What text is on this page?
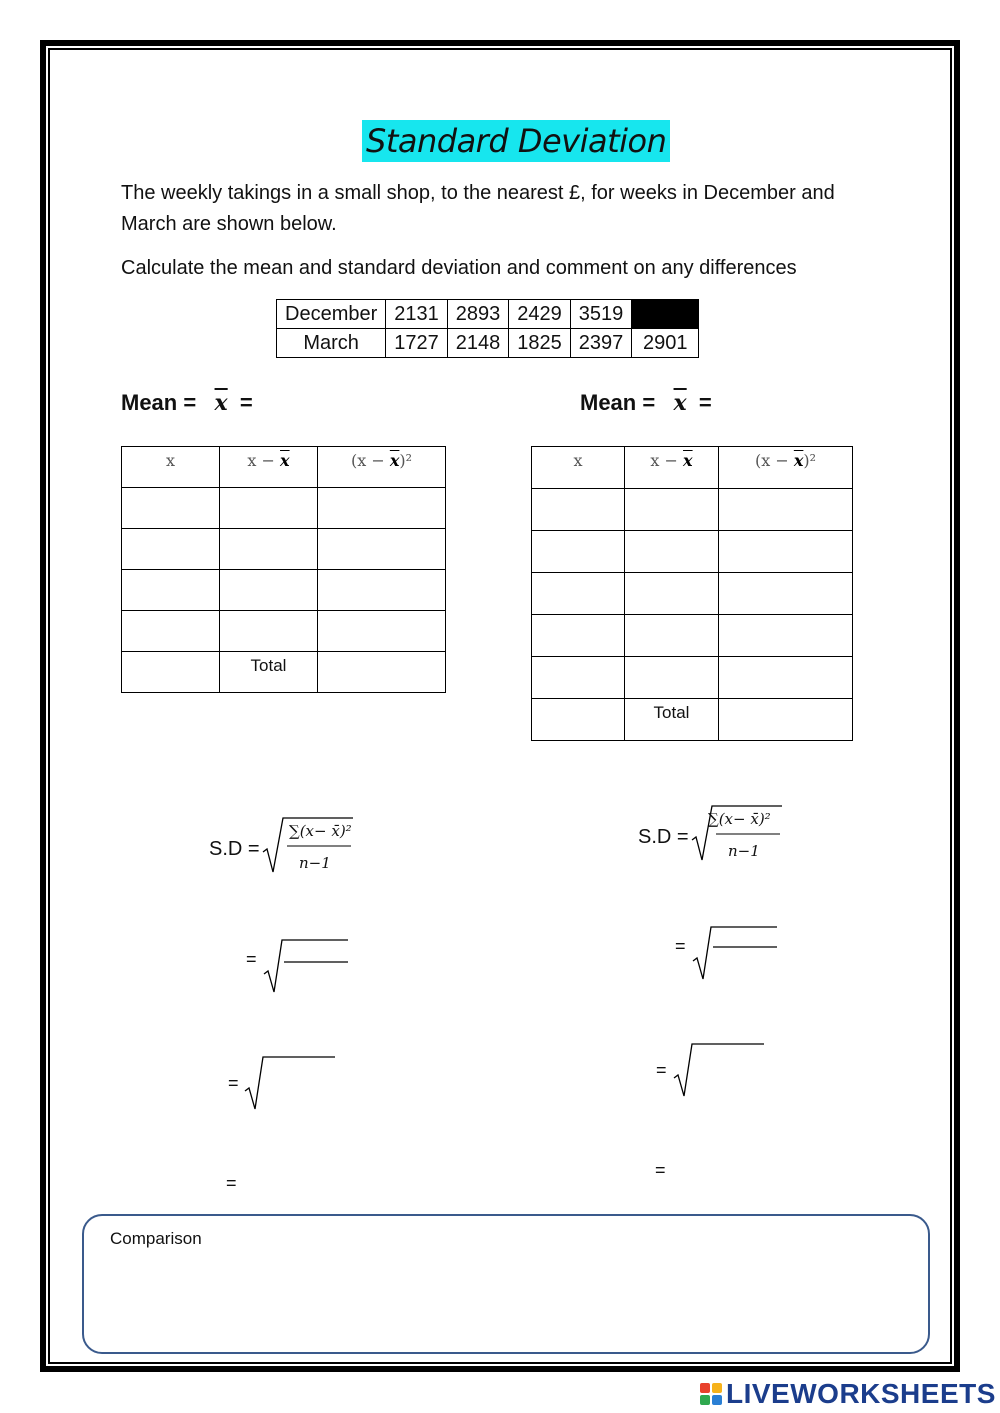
Standard Deviation
The weekly takings in a small shop, to the nearest £, for weeks in December and March are shown below.
Calculate the mean and standard deviation and comment on any differences
December	2131	2893	2429	3519	
March	1727	2148	1825	2397	2901
Mean = $\overline{x}$ =	Mean = $\overline{x}$ =
x	$x - \overline{x}$	$(x - \overline{x})^2$

	Total	
x	$x - \overline{x}$	$(x - \overline{x})^2$

	Total	
S.D =
∑(x− x̄)²
n−1
S.D =
∑(x− x̄)²
n−1
=
=
=
=
=
=
Comparison
LIVEWORKSHEETS
